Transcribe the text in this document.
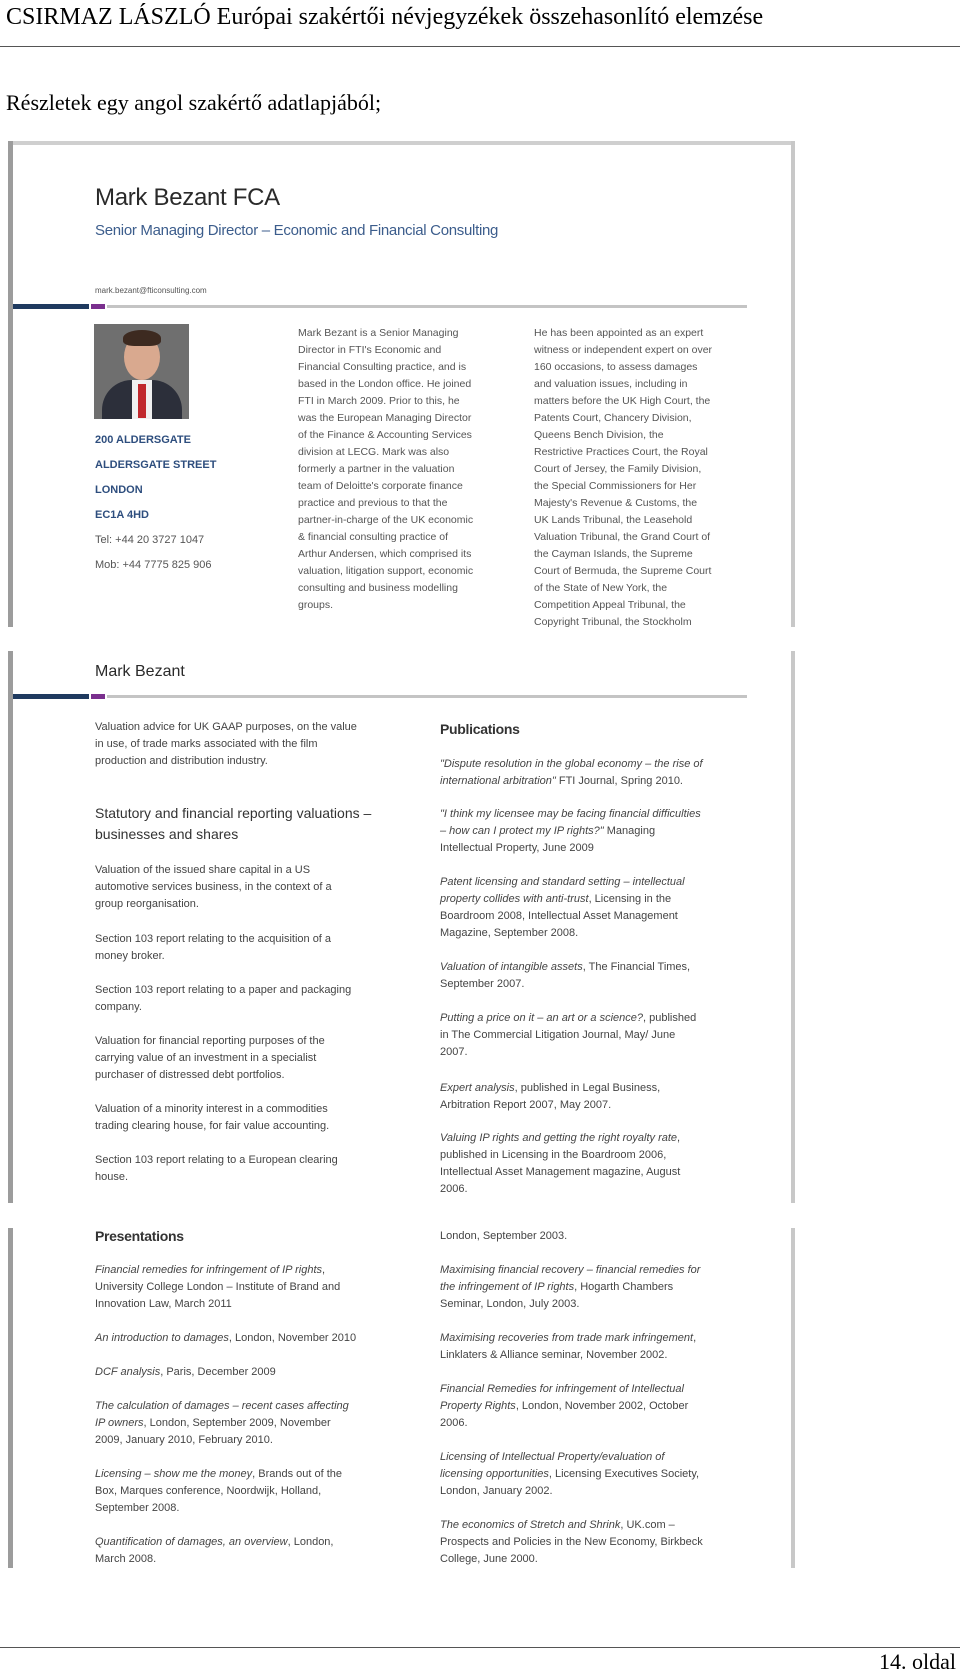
CSIRMAZ LÁSZLÓ Európai szakértői névjegyzékek összehasonlító elemzése
Részletek egy angol szakértő adatlapjából;
Mark Bezant FCA
Senior Managing Director – Economic and Financial Consulting
mark.bezant@fticonsulting.com
200 ALDERSGATE
ALDERSGATE STREET
LONDON
EC1A 4HD
Tel: +44 20 3727 1047
Mob: +44 7775 825 906
Mark Bezant is a Senior Managing
Director in FTI's Economic and
Financial Consulting practice, and is
based in the London office. He joined
FTI in March 2009. Prior to this, he
was the European Managing Director
of the Finance & Accounting Services
division at LECG. Mark was also
formerly a partner in the valuation
team of Deloitte's corporate finance
practice and previous to that the
partner-in-charge of the UK economic
& financial consulting practice of
Arthur Andersen, which comprised its
valuation, litigation support, economic
consulting and business modelling
groups.
He has been appointed as an expert
witness or independent expert on over
160 occasions, to assess damages
and valuation issues, including in
matters before the UK High Court, the
Patents Court, Chancery Division,
Queens Bench Division, the
Restrictive Practices Court, the Royal
Court of Jersey, the Family Division,
the Special Commissioners for Her
Majesty's Revenue & Customs, the
UK Lands Tribunal, the Leasehold
Valuation Tribunal, the Grand Court of
the Cayman Islands, the Supreme
Court of Bermuda, the Supreme Court
of the State of New York, the
Competition Appeal Tribunal, the
Copyright Tribunal, the Stockholm
Mark Bezant
Valuation advice for UK GAAP purposes, on the value
in use, of trade marks associated with the film
production and distribution industry.
Statutory and financial reporting valuations –
businesses and shares
Valuation of the issued share capital in a US
automotive services business, in the context of a
group reorganisation.
Section 103 report relating to the acquisition of a
money broker.
Section 103 report relating to a paper and packaging
company.
Valuation for financial reporting purposes of the
carrying value of an investment in a specialist
purchaser of distressed debt portfolios.
Valuation of a minority interest in a commodities
trading clearing house, for fair value accounting.
Section 103 report relating to a European clearing
house.
Publications
"Dispute resolution in the global economy – the rise of
international arbitration" FTI Journal, Spring 2010.
"I think my licensee may be facing financial difficulties
– how can I protect my IP rights?" Managing
Intellectual Property, June 2009
Patent licensing and standard setting – intellectual
property collides with anti-trust, Licensing in the
Boardroom 2008, Intellectual Asset Management
Magazine, September 2008.
Valuation of intangible assets, The Financial Times,
September 2007.
Putting a price on it – an art or a science?, published
in The Commercial Litigation Journal, May/ June
2007.
Expert analysis, published in Legal Business,
Arbitration Report 2007, May 2007.
Valuing IP rights and getting the right royalty rate,
published in Licensing in the Boardroom 2006,
Intellectual Asset Management magazine, August
2006.
Presentations
Financial remedies for infringement of IP rights,
University College London – Institute of Brand and
Innovation Law, March 2011
An introduction to damages, London, November 2010
DCF analysis, Paris, December 2009
The calculation of damages – recent cases affecting
IP owners, London, September 2009, November
2009, January 2010, February 2010.
Licensing – show me the money, Brands out of the
Box, Marques conference, Noordwijk, Holland,
September 2008.
Quantification of damages, an overview, London,
March 2008.
London, September 2003.
Maximising financial recovery – financial remedies for
the infringement of IP rights, Hogarth Chambers
Seminar, London, July 2003.
Maximising recoveries from trade mark infringement,
Linklaters & Alliance seminar, November 2002.
Financial Remedies for infringement of Intellectual
Property Rights, London, November 2002, October
2006.
Licensing of Intellectual Property/evaluation of
licensing opportunities, Licensing Executives Society,
London, January 2002.
The economics of Stretch and Shrink, UK.com –
Prospects and Policies in the New Economy, Birkbeck
College, June 2000.
14. oldal
